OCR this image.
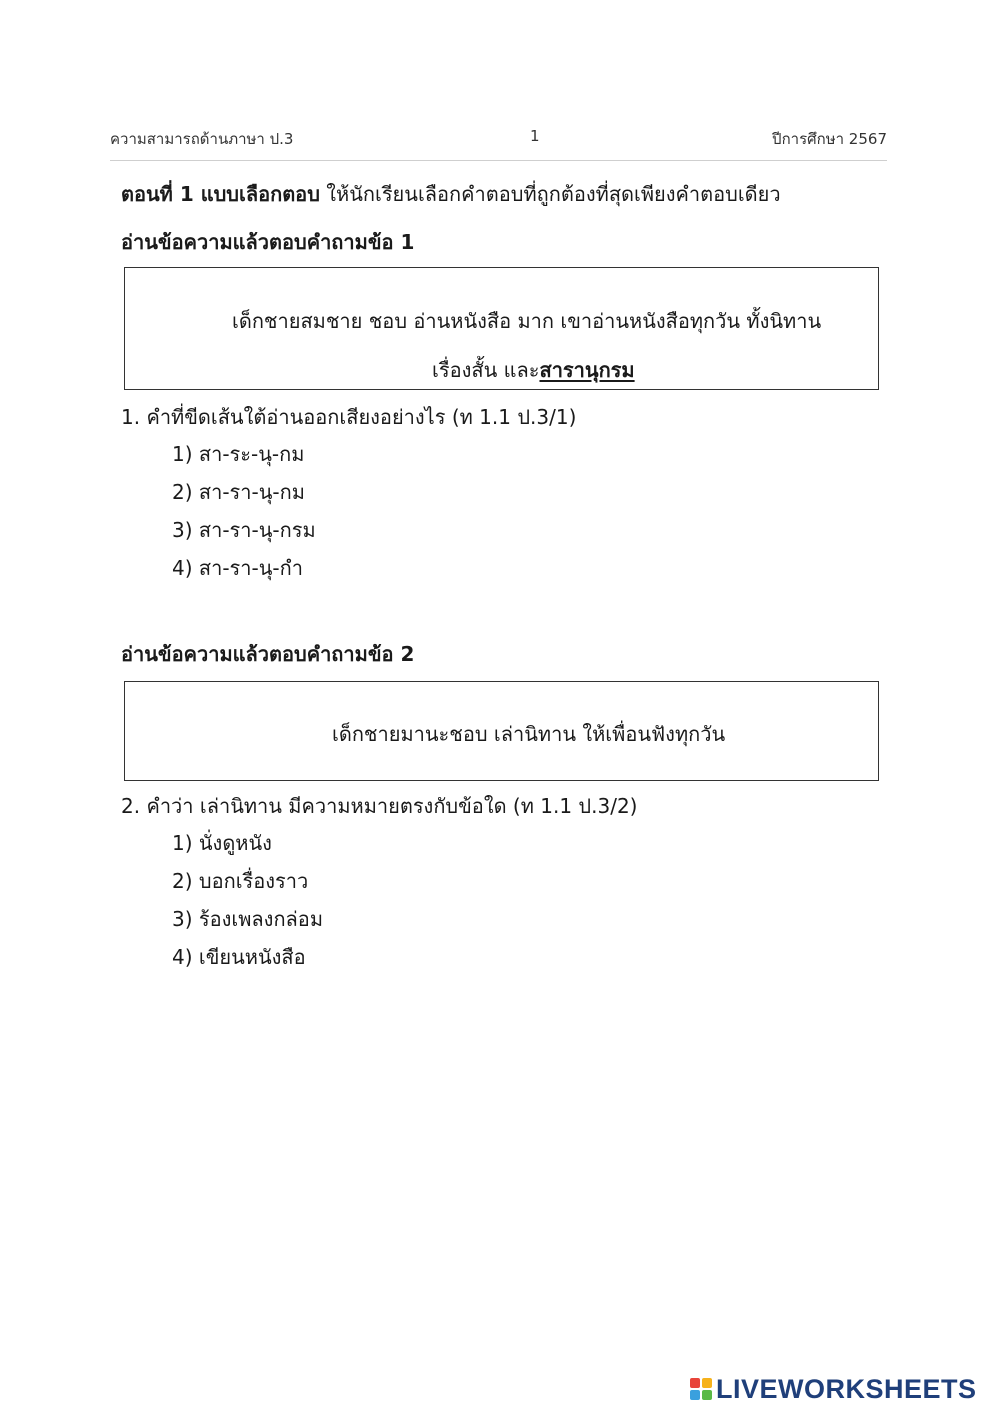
ความสามารถด้านภาษา ป.3	1	ปีการศึกษา 2567
ตอนที่ 1 แบบเลือกตอบ ให้นักเรียนเลือกคำตอบที่ถูกต้องที่สุดเพียงคำตอบเดียว
อ่านข้อความแล้วตอบคำถามข้อ 1
เด็กชายสมชาย ชอบ อ่านหนังสือ มาก เขาอ่านหนังสือทุกวัน ทั้งนิทาน
เรื่องสั้น และสารานุกรม
1. คำที่ขีดเส้นใต้อ่านออกเสียงอย่างไร (ท 1.1 ป.3/1)
1) สา-ระ-นุ-กม
2) สา-รา-นุ-กม
3) สา-รา-นุ-กรม
4) สา-รา-นุ-กำ
อ่านข้อความแล้วตอบคำถามข้อ 2
เด็กชายมานะชอบ เล่านิทาน ให้เพื่อนฟังทุกวัน
2. คำว่า เล่านิทาน มีความหมายตรงกับข้อใด (ท 1.1 ป.3/2)
1) นั่งดูหนัง
2) บอกเรื่องราว
3) ร้องเพลงกล่อม
4) เขียนหนังสือ
LIVEWORKSHEETS
